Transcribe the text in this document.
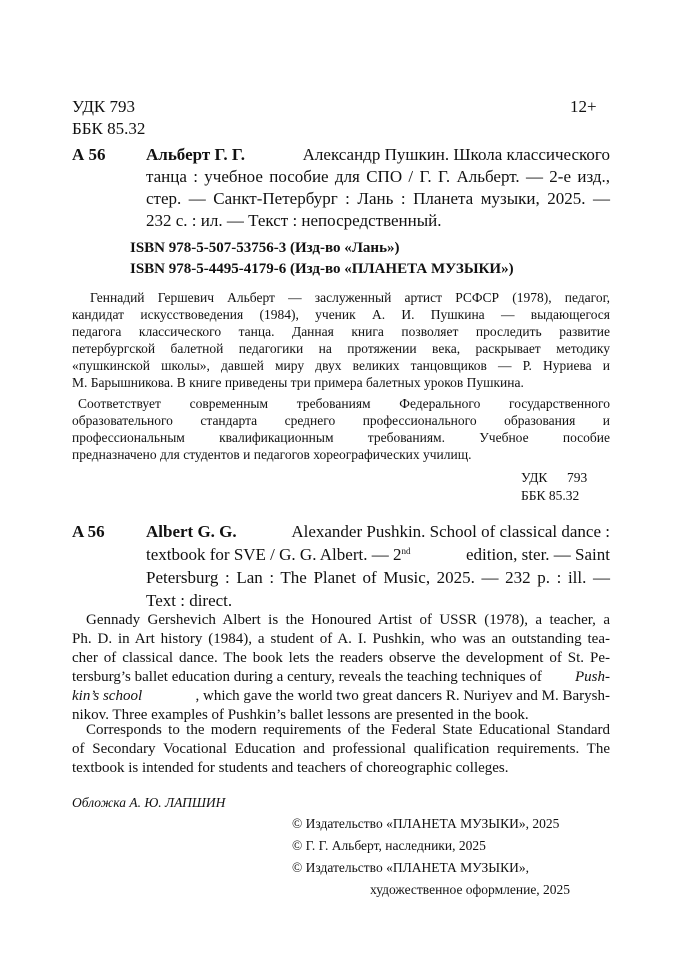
УДК 793
ББК 85.32
12+
А 56 Альберт Г. Г.	Александр Пушкин. Школа классического
танца : учебное пособие для СПО / Г. Г. Альберт. — 2-е изд.,
стер. — Санкт-Петербург : Лань : Планета музыки, 2025. —
232 с. : ил. — Текст : непосредственный.
ISBN 978-5-507-53756-3 (Изд-во «Лань»)
ISBN 978-5-4495-4179-6 (Изд-во «ПЛАНЕТА МУЗЫКИ»)
Геннадий Гершевич Альберт — заслуженный артист РСФСР (1978), педагог,
кандидат искусствоведения (1984), ученик А. И. Пушкина — выдающегося
педагога классического танца. Данная книга позволяет проследить развитие
петербургской балетной педагогики на протяжении века, раскрывает методику
«пушкинской школы», давшей миру двух великих танцовщиков — Р. Нуриева и
М. Барышникова. В книге приведены три примера балетных уроков Пушкина.
Соответствует современным требованиям Федерального государственного
образовательного стандарта среднего профессионального образования и
профессиональным квалификационным требованиям. Учебное пособие
предназначено для студентов и педагогов хореографических училищ.
УДК 793
ББК 85.32
A 56 Albert G. G.	Alexander Pushkin. School of classical dance :
textbook for SVE / G. G. Albert. — 2nd	edition, ster. — Saint
Petersburg : Lan : The Planet of Music, 2025. — 232 p. : ill. —
Text : direct.
Gennady Gershevich Albert is the Honoured Artist of USSR (1978), a teacher, a
Ph. D. in Art history (1984), a student of A. I. Pushkin, who was an outstanding tea-
cher of classical dance. The book lets the readers observe the development of St. Pe-
tersburg’s ballet education during a century, reveals the teaching techniques of Push-
kin’s school	, which gave the world two great dancers R. Nuriyev and M. Barysh-
nikov. Three examples of Pushkin’s ballet lessons are presented in the book.
Corresponds to the modern requirements of the Federal State Educational Standard
of Secondary Vocational Education and professional qualification requirements. The
textbook is intended for students and teachers of choreographic colleges.
Обложка А. Ю. ЛАПШИН
© Издательство «ПЛАНЕТА МУЗЫКИ», 2025
© Г. Г. Альберт, наследники, 2025
© Издательство «ПЛАНЕТА МУЗЫКИ»,
художественное оформление, 2025
